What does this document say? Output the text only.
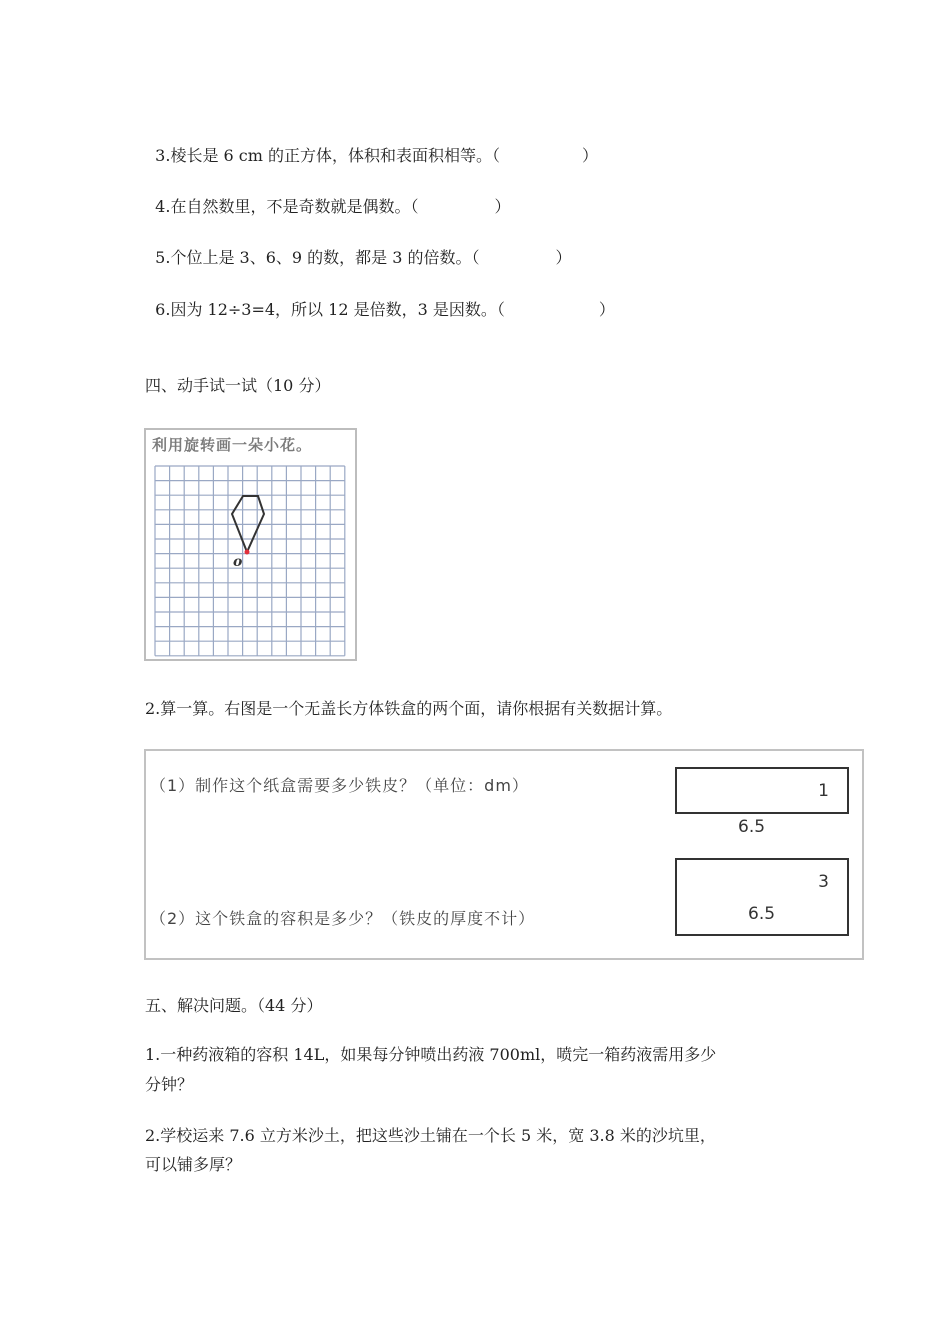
3.棱长是 6 cm 的正方体，体积和表面积相等。（	）

4.在自然数里，不是奇数就是偶数。（	）

5.个位上是 3、6、9 的数，都是 3 的倍数。（	）

6.因为 12÷3=4，所以 12 是倍数，3 是因数。（	）

四、动手试一试（10 分）
利用旋转画一朵小花。
o
2.算一算。右图是一个无盖长方体铁盒的两个面，请你根据有关数据计算。
（1）制作这个纸盒需要多少铁皮？（单位：dm）
（2）这个铁盒的容积是多少？（铁皮的厚度不计）
1
6.5
3
6.5
五、解决问题。（44 分）
1.一种药液箱的容积 14L，如果每分钟喷出药液 700ml，喷完一箱药液需用多少
分钟？
2.学校运来 7.6 立方米沙土，把这些沙土铺在一个长 5 米，宽 3.8 米的沙坑里，
可以铺多厚？
